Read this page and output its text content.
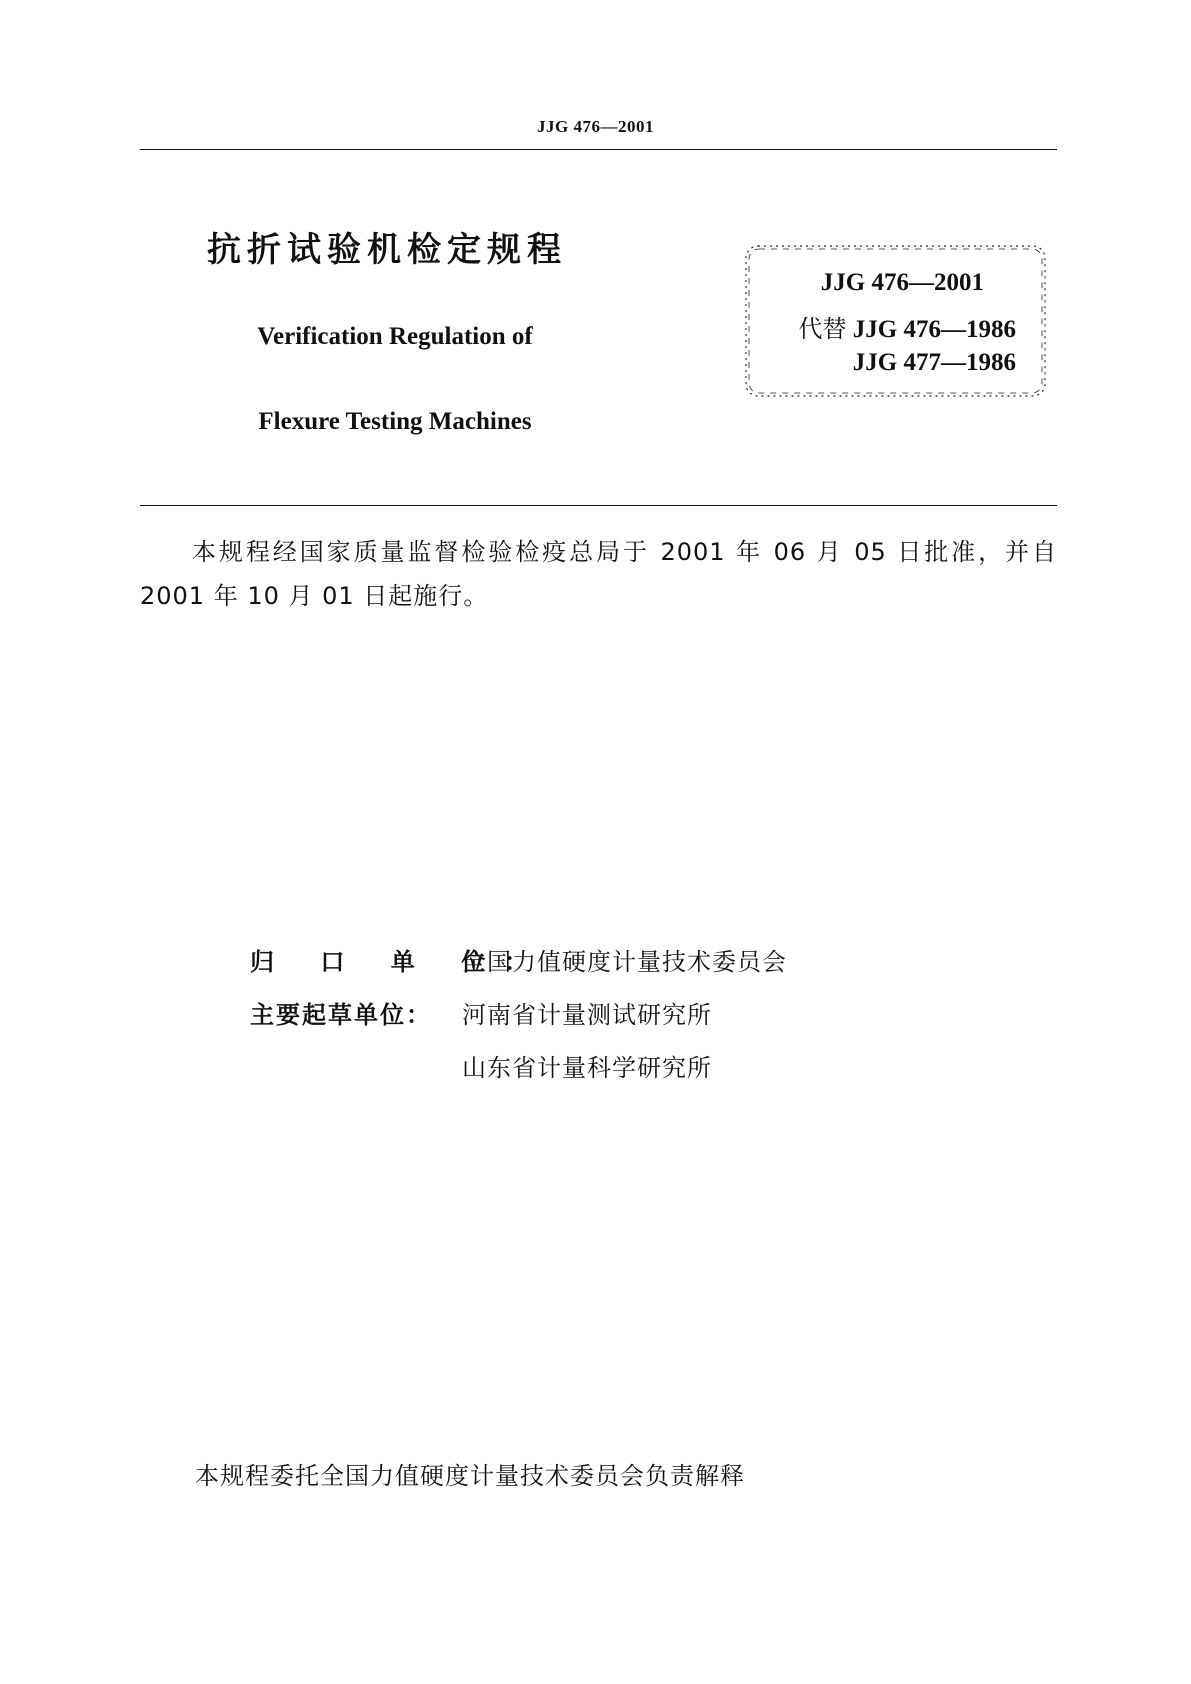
JJG 476—2001
抗折试验机检定规程
Verification Regulation of
Flexure Testing Machines
JJG 476—2001
代替 JJG 476—1986
JJG 477—1986
本规程经国家质量监督检验检疫总局于 2001 年 06 月 05 日批准，并自 2001 年 10 月 01 日起施行。
归 口 单 位：
全国力值硬度计量技术委员会
主要起草单位：	河南省计量测试研究所
山东省计量科学研究所
本规程委托全国力值硬度计量技术委员会负责解释
